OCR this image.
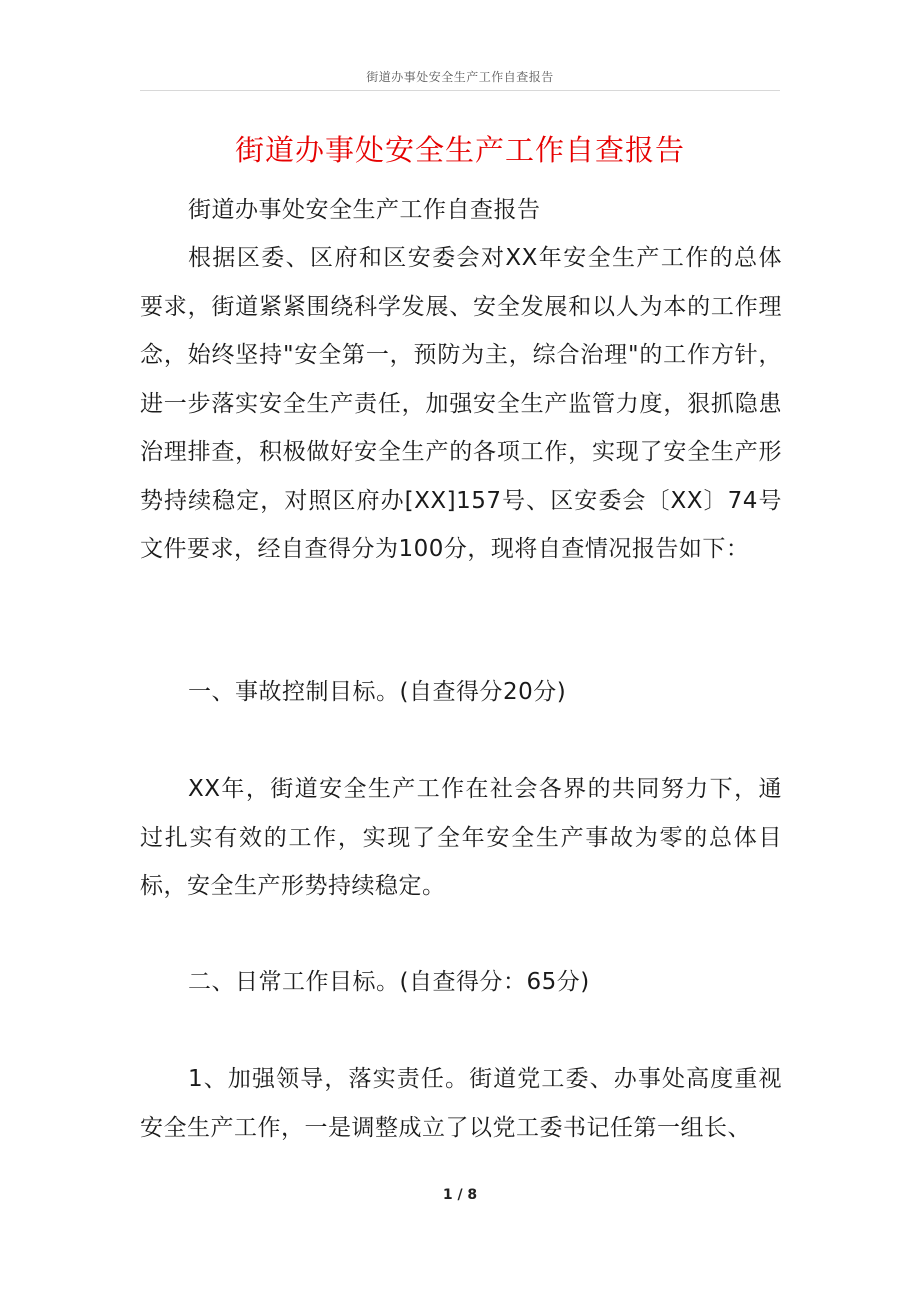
街道办事处安全生产工作自查报告
街道办事处安全生产工作自查报告

街道办事处安全生产工作自查报告

根据区委、区府和区安委会对XX年安全生产工作的总体要求，街道紧紧围绕科学发展、安全发展和以人为本的工作理念，始终坚持"安全第一，预防为主，综合治理"的工作方针，进一步落实安全生产责任，加强安全生产监管力度，狠抓隐患治理排查，积极做好安全生产的各项工作，实现了安全生产形势持续稳定，对照区府办[XX]157号、区安委会〔XX〕74号文件要求，经自查得分为100分，现将自查情况报告如下：

一、事故控制目标。(自查得分20分)

XX年，街道安全生产工作在社会各界的共同努力下，通过扎实有效的工作，实现了全年安全生产事故为零的总体目标，安全生产形势持续稳定。

二、日常工作目标。(自查得分：65分)

1、加强领导，落实责任。街道党工委、办事处高度重视安全生产工作，一是调整成立了以党工委书记任第一组长、

1 / 8
